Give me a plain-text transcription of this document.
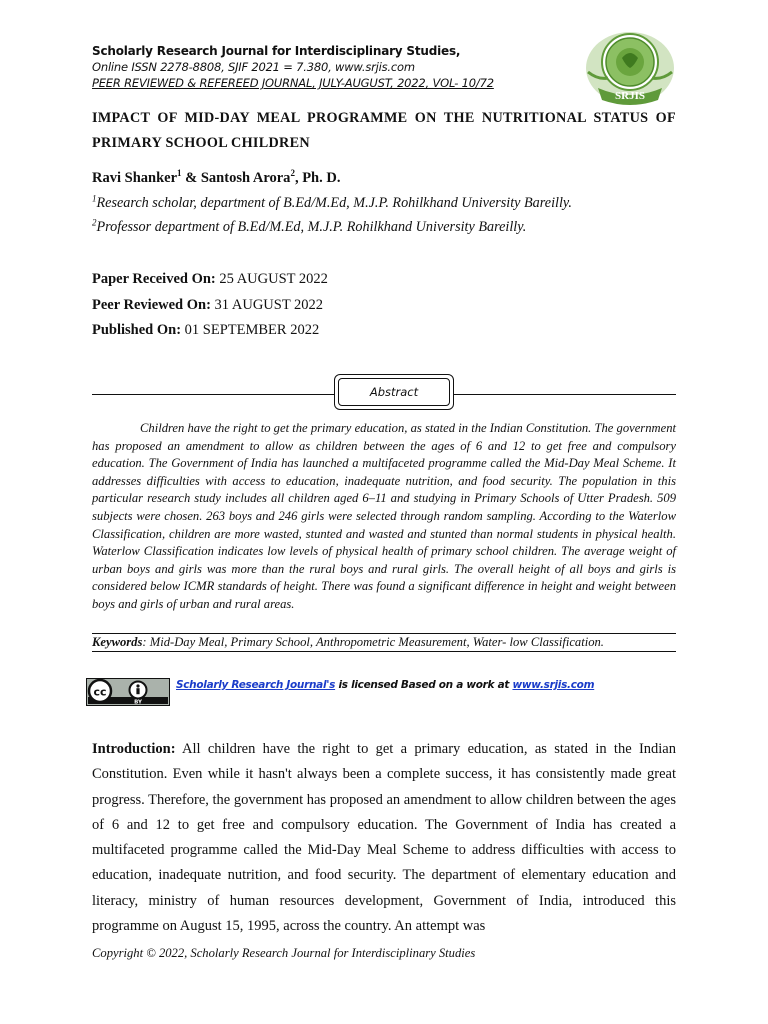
Scholarly Research Journal for Interdisciplinary Studies,
Online ISSN 2278-8808, SJIF 2021 = 7.380, www.srjis.com
PEER REVIEWED & REFEREED JOURNAL, JULY-AUGUST, 2022, VOL- 10/72
SRJIS
IMPACT OF MID-DAY MEAL PROGRAMME ON THE NUTRITIONAL STATUS OF PRIMARY SCHOOL CHILDREN
Ravi Shanker$^1$ & Santosh Arora$^2$, Ph. D.
$^1$Research scholar, department of B.Ed/M.Ed, M.J.P. Rohilkhand University Bareilly.
$^2$Professor department of B.Ed/M.Ed, M.J.P. Rohilkhand University Bareilly.
Paper Received On: 25 AUGUST 2022
Peer Reviewed On: 31 AUGUST 2022
Published On: 01 SEPTEMBER 2022
Abstract
Children have the right to get the primary education, as stated in the Indian Constitution. The government has proposed an amendment to allow as children between the ages of 6 and 12 to get free and compulsory education. The Government of India has launched a multifaceted programme called the Mid-Day Meal Scheme. It addresses difficulties with access to education, inadequate nutrition, and food security. The population in this particular research study includes all children aged 6–11 and studying in Primary Schools of Utter Pradesh. 509 subjects were chosen. 263 boys and 246 girls were selected through random sampling. According to the Waterlow Classification, children are more wasted, stunted and wasted and stunted than normal students in physical health. Waterlow Classification indicates low levels of physical health of primary school children. The average weight of urban boys and girls was more than the rural boys and rural girls. The overall height of all boys and girls is considered below ICMR standards of height. There was found a significant difference in height and weight between boys and girls of urban and rural areas.
Keywords: Mid-Day Meal, Primary School, Anthropometric Measurement, Water- low Classification.
cc
BY
Scholarly Research Journal's is licensed Based on a work at www.srjis.com
Introduction: All children have the right to get a primary education, as stated in the Indian Constitution. Even while it hasn't always been a complete success, it has consistently made great progress. Therefore, the government has proposed an amendment to allow children between the ages of 6 and 12 to get free and compulsory education. The Government of India has created a multifaceted programme called the Mid-Day Meal Scheme to address difficulties with access to education, inadequate nutrition, and food security. The department of elementary education and literacy, ministry of human resources development, Government of India, introduced this programme on August 15, 1995, across the country. An attempt was
Copyright © 2022, Scholarly Research Journal for Interdisciplinary Studies
